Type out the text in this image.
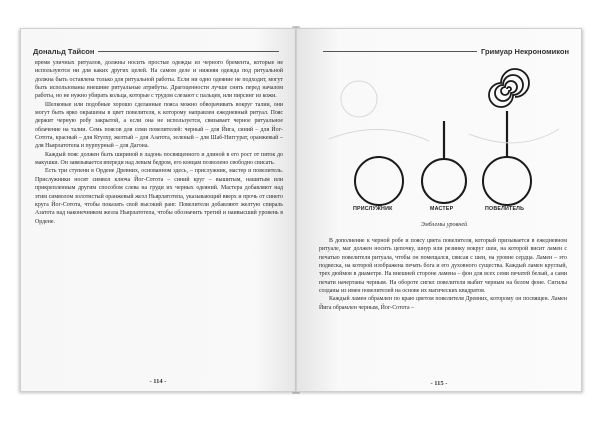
Дональд Тайсон

время уличных ритуалов, должны носить простые одежды из черного бремента, которые не используются ни для каких других целей. На самом деле и нижняя одежда под ритуальной должна быть оставлена только для ритуальной работы. Если ни одно одеяние не подходит, могут быть использованы внешние ритуальные атрибуты. Драгоценности лучше снять перед началом работы, но не нужно убирать кольца, которые с трудом слезают с пальцев, или пирсинг из кожи.

Шелковые или подобные хорошо сделанные пояса можно обворачивать вокруг талии, они могут быть ярко окрашены в цвет повелителя, к которому направлен ежедневный ритуал. Пояс держит черную робу закрытой, а если она не используется, связывает черное ритуальное облачение на талии. Семь поясов для семи повелителей: черный – для Йига, синий – для Йог-Сотота, красный – для Ктулху, желтый – для Азатота, зеленый – для Шаб-Ниггурат, оранжевый – для Ньярлатотепа и пурпурный – для Дагона.

Каждый пояс должен быть шириной в ладонь посвященного и длиной в его рост от пяток до макушки. Он завязывается впереди над левым бедром, его концам позволено свободно свисать.

Есть три ступени в Ордене Древних, основанном здесь, – прислужник, мастер и повелитель. Прислужники носят символ ключа Йог-Сотота – синий круг – вышитым, нашитым или прикрепленным другим способом слева на груди их черных одеяний. Мастера добавляют над этим символом золотистый оранжевый жезл Ньярлатотепа, указывающий вверх и прочь от синего круга Йог-Сотота, чтобы показать свой высокий ранг. Повелители добавляют желтую спираль Азатота над наконечником жезла Ньярлатотепа, чтобы обозначить третий и наивысший уровень в Ордене.

- 114 -
Гримуар Некрономикон
ПРИСЛУЖНИК	МАСТЕР	ПОВЕЛИТЕЛЬ
Эмблемы уровней

В дополнение к черной робе и поясу цвета повелителя, который призывается в ежедневном ритуале, маг должен носить цепочку, шнур или резинку вокруг шеи, на которой висит ламен с печатью повелителя ритуала, чтобы он помещался, свисая с шеи, на уровне сердца. Ламен – это подвеска, на которой изображена печать бога и его духовного существа. Каждый ламен круглый, трех дюймов в диаметре. На внешней стороне ламена – фон для всех семи печатей белый, а сами печати начертаны черным. На обороте сигил повелителя выбит черным на белом фоне. Сигилы созданы из имен повелителей на основе их магических квадратов.

Каждый ламен обрамлен по краю цветом повелителя Древних, которому он посвящен. Ламен Йига обрамлен черным, Йог-Сотота –

- 115 -
